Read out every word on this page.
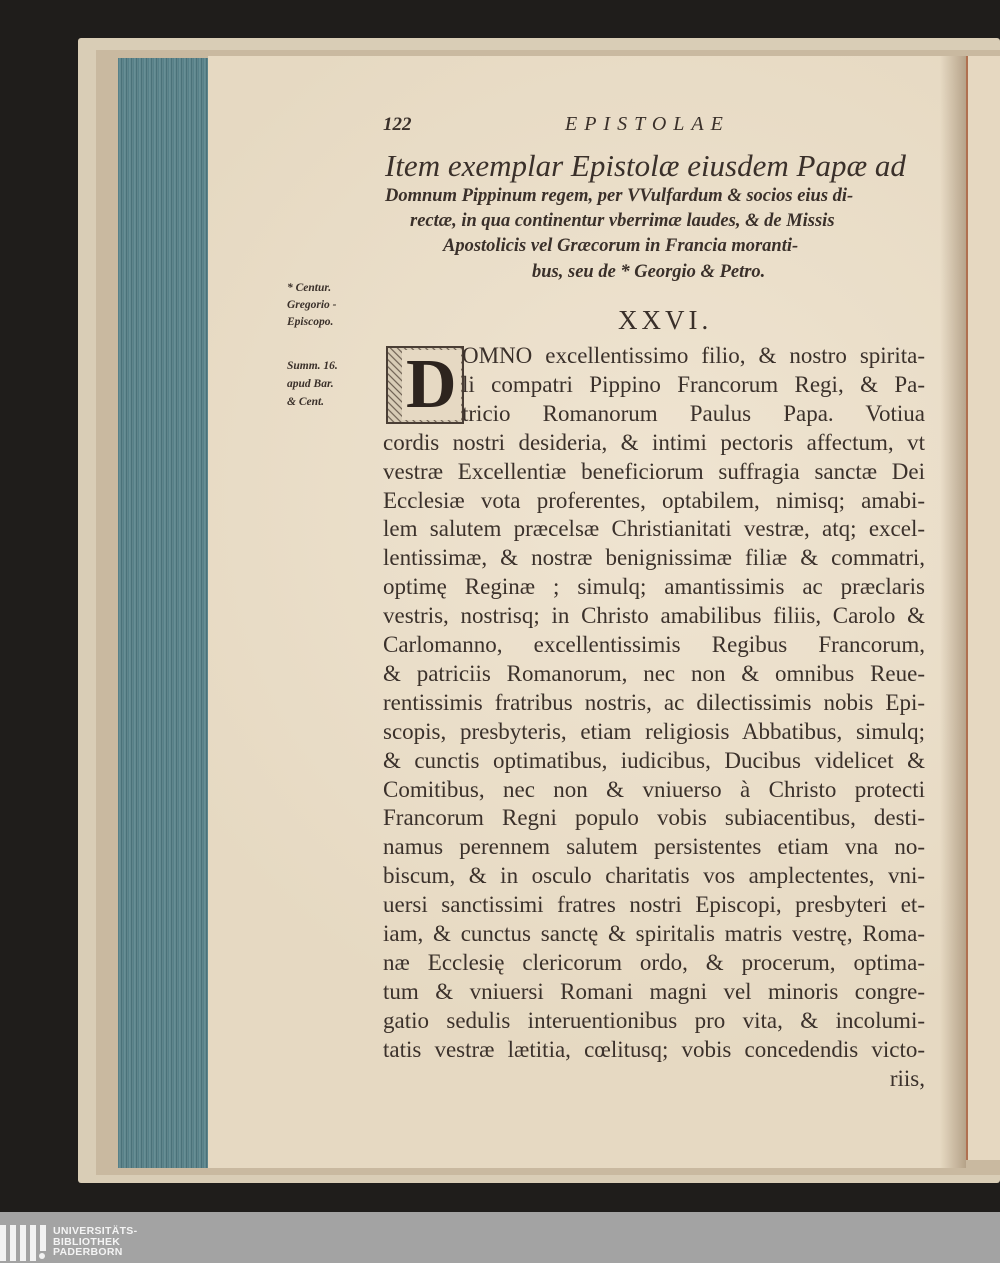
122	EPISTOLAE
Item exemplar Epistolæ eiusdem Papæ ad
Domnum Pippinum regem, per VVulfardum & socios eius di-
rectæ, in qua continentur vberrimæ laudes, & de Missis
Apostolicis vel Græcorum in Francia moranti-
bus, seu de * Georgio & Petro.
XXVI.
* Centur.
Gregorio -
Episcopo.
Summ. 16.
apud Bar.
& Cent. D OMNO excellentissimo filio, & nostro spirita-
li compatri Pippino Francorum Regi, & Pa-
tricio Romanorum Paulus Papa. Votiua
cordis nostri desideria, & intimi pectoris affectum, vt
vestræ Excellentiæ beneficiorum suffragia sanctæ Dei
Ecclesiæ vota proferentes, optabilem, nimisq; amabi-
lem salutem præcelsæ Christianitati vestræ, atq; excel-
lentissimæ, & nostræ benignissimæ filiæ & commatri,
optimę Reginæ ; simulq; amantissimis ac præclaris
vestris, nostrisq; in Christo amabilibus filiis, Carolo &
Carlomanno, excellentissimis Regibus Francorum,
& patriciis Romanorum, nec non & omnibus Reue-
rentissimis fratribus nostris, ac dilectissimis nobis Epi-
scopis, presbyteris, etiam religiosis Abbatibus, simulq;
& cunctis optimatibus, iudicibus, Ducibus videlicet &
Comitibus, nec non & vniuerso à Christo protecti
Francorum Regni populo vobis subiacentibus, desti-
namus perennem salutem persistentes etiam vna no-
biscum, & in osculo charitatis vos amplectentes, vni-
uersi sanctissimi fratres nostri Episcopi, presbyteri et-
iam, & cunctus sanctę & spiritalis matris vestrę, Roma-
næ Ecclesię clericorum ordo, & procerum, optima-
tum & vniuersi Romani magni vel minoris congre-
gatio sedulis interuentionibus pro vita, & incolumi-
tatis vestræ lætitia, cœlitusq; vobis concedendis victo-
riis,
UNIVERSITÄTS-
BIBLIOTHEK
PADERBORN
